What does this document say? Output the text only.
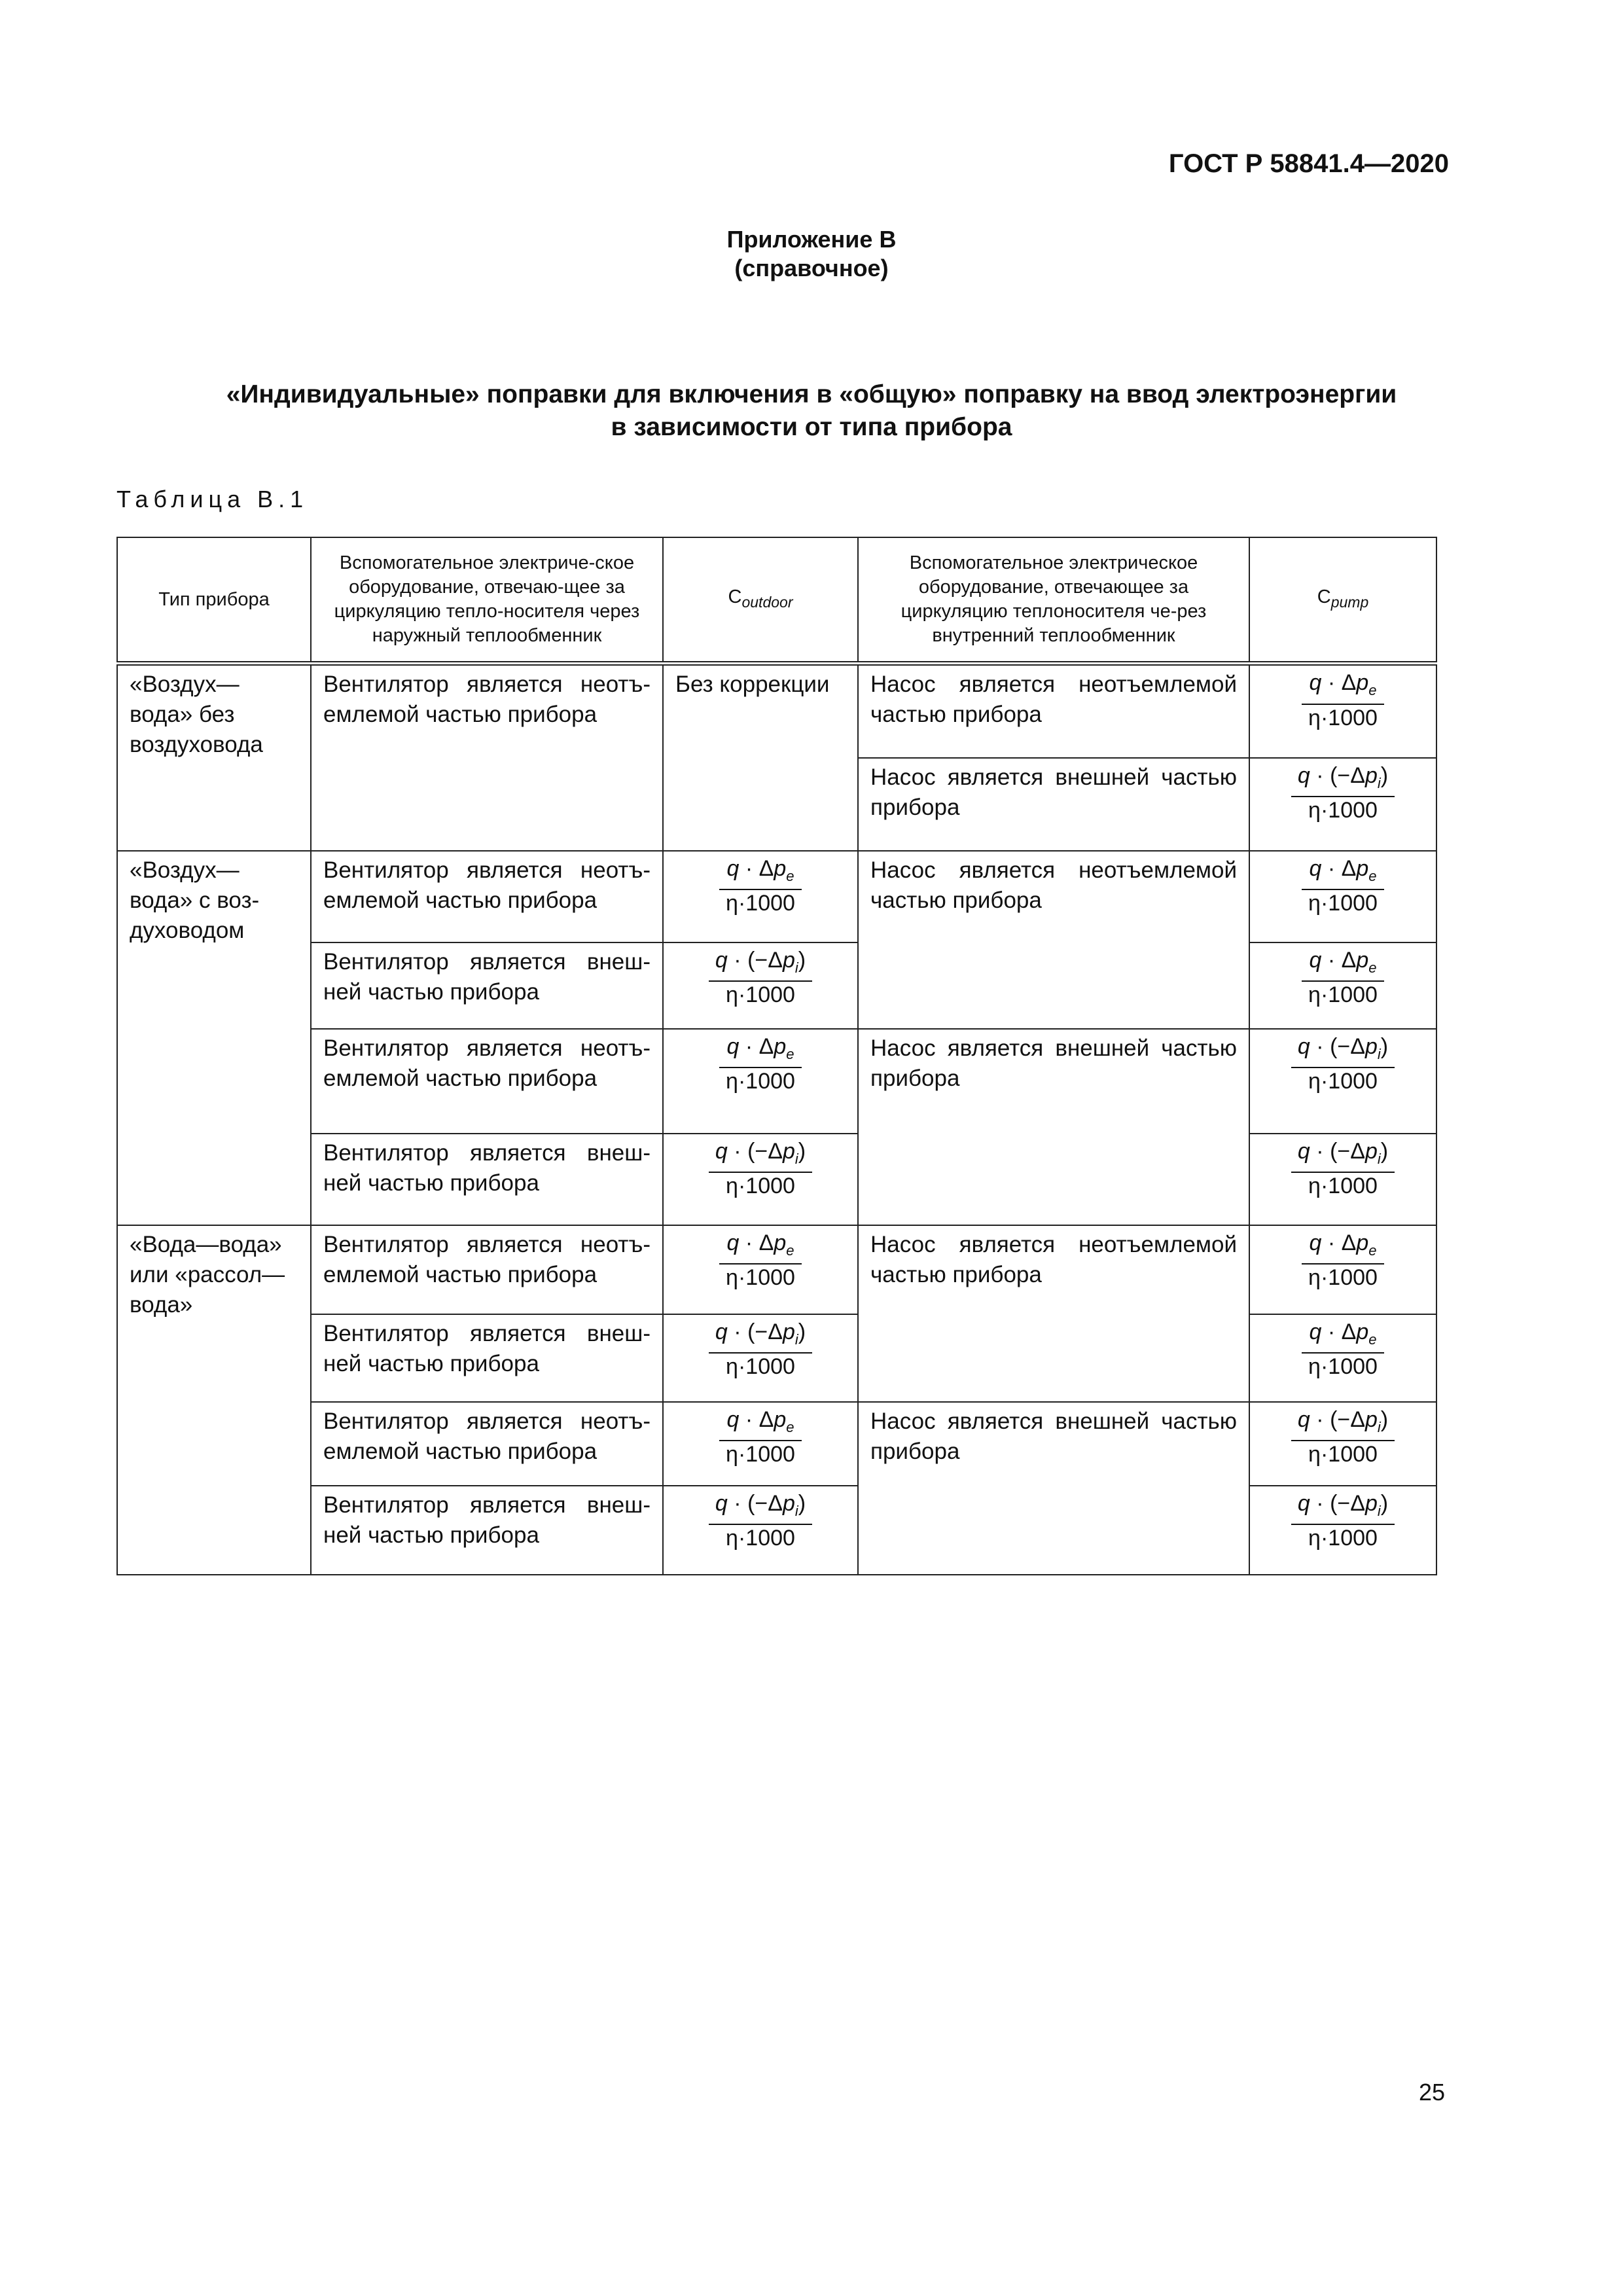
ГОСТ Р 58841.4—2020
Приложение В
(справочное)
«Индивидуальные» поправки для включения в «общую» поправку на ввод электроэнергии
в зависимости от типа прибора
Таблица В.1
Тип прибора	Вспомогательное электриче-ское оборудование, отвечаю-щее за циркуляцию тепло-носителя через наружный теплообменник	$C_{outdoor}$	Вспомогательное электрическое оборудование, отвечающее за циркуляцию теплоносителя че-рез внутренний теплообменник	$C_{pump}$
«Воздух—вода» без воздуховода	Вентилятор является неотъ-емлемой частью прибора	Без коррекции	Насос является неотъемлемой частью прибора	$\frac{q \cdot \Delta p_e}{\eta\cdot 1000}$

			Насос является внешней частью прибора	$\frac{q \cdot (-\Delta p_i)}{\eta\cdot 1000}$

«Воздух—вода» с воз-духоводом	Вентилятор является неотъ-емлемой частью прибора	$\frac{q \cdot \Delta p_e}{\eta\cdot 1000}$	Насос является неотъемлемой частью прибора	$\frac{q \cdot \Delta p_e}{\eta\cdot 1000}$

	Вентилятор является внеш-ней частью прибора	$\frac{q \cdot (-\Delta p_i)}{\eta\cdot 1000}$		$\frac{q \cdot \Delta p_e}{\eta\cdot 1000}$

	Вентилятор является неотъ-емлемой частью прибора	$\frac{q \cdot \Delta p_e}{\eta\cdot 1000}$	Насос является внешней частью прибора	$\frac{q \cdot (-\Delta p_i)}{\eta\cdot 1000}$

	Вентилятор является внеш-ней частью прибора	$\frac{q \cdot (-\Delta p_i)}{\eta\cdot 1000}$		$\frac{q \cdot (-\Delta p_i)}{\eta\cdot 1000}$

«Вода—вода» или «рассол—вода»	Вентилятор является неотъ-емлемой частью прибора	$\frac{q \cdot \Delta p_e}{\eta\cdot 1000}$	Насос является неотъемлемой частью прибора	$\frac{q \cdot \Delta p_e}{\eta\cdot 1000}$

	Вентилятор является внеш-ней частью прибора	$\frac{q \cdot (-\Delta p_i)}{\eta\cdot 1000}$		$\frac{q \cdot \Delta p_e}{\eta\cdot 1000}$

	Вентилятор является неотъ-емлемой частью прибора	$\frac{q \cdot \Delta p_e}{\eta\cdot 1000}$	Насос является внешней частью прибора	$\frac{q \cdot (-\Delta p_i)}{\eta\cdot 1000}$

	Вентилятор является внеш-ней частью прибора	$\frac{q \cdot (-\Delta p_i)}{\eta\cdot 1000}$		$\frac{q \cdot (-\Delta p_i)}{\eta\cdot 1000}$
25
